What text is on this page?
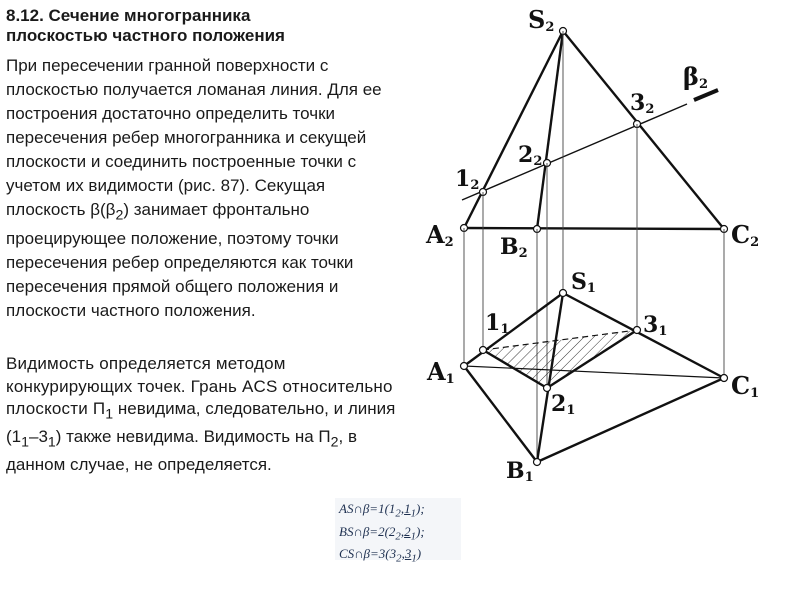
8.12. Сечение многогранника
плоскостью частного положения

При пересечении гранной поверхности с плоскостью получается ломаная линия. Для ее построения достаточно определить точки пересечения ребер многогранника и секущей плоскости и соединить построенные точки с учетом их видимости (рис. 87). Секущая плоскость $\beta(\beta_2)$ занимает фронтально проецирующее положение, поэтому точки пересечения ребер определяются как точки пересечения прямой общего положения и плоскости частного положения.

Видимость определяется методом конкурирующих точек. Грань ACS относительно плоскости $П_1$ невидима, следовательно, и линия $(1_1-3_1)$ также невидима. Видимость на $П_2$, в данном случае, не определяется.

$AS\cap\beta=1(1_2,1_1)$;
$BS\cap\beta=2(2_2,2_1)$;
$CS\cap\beta=3(3_2,3_1)$
S2
β2
32
22
12
A2 B2
C2
S1
11	31
A1	C1
21
B1
